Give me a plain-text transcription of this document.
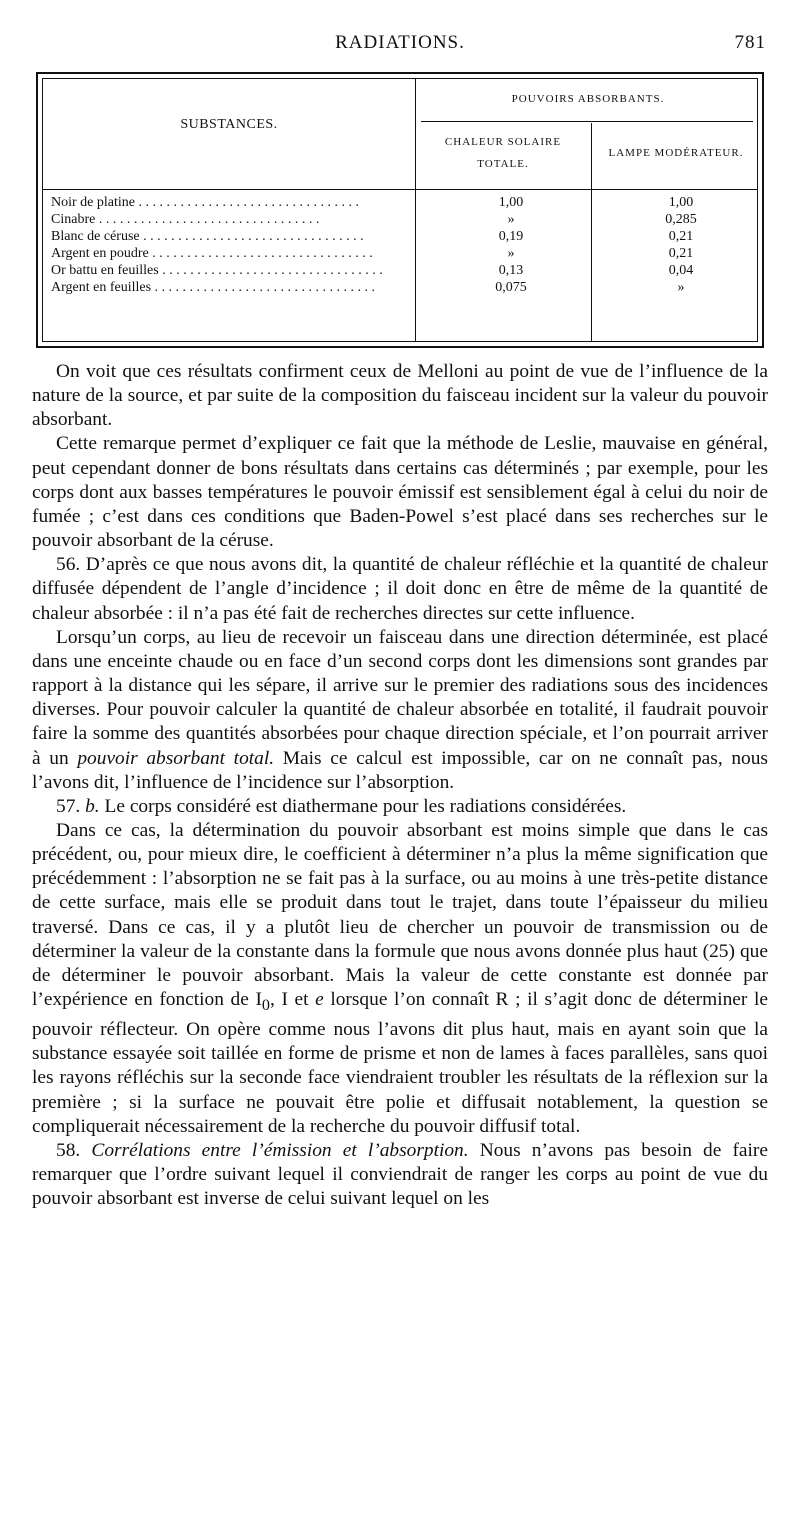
RADIATIONS.	781
SUBSTANCES.
POUVOIRS ABSORBANTS.
CHALEUR SOLAIRE
TOTALE.
LAMPE MODÉRATEUR.
Noir de platine . . .	1,00	1,00
Cinabre . . .	»	0,285
Blanc de céruse . . .	0,19	0,21
Argent en poudre . . .	»	0,21
Or battu en feuilles . . .	0,13	0,04
Argent en feuilles . . .	0,075	»

On voit que ces résultats confirment ceux de Melloni au point de vue de l’influence de la nature de la source, et par suite de la composition du faisceau incident sur la valeur du pouvoir absorbant.

Cette remarque permet d’expliquer ce fait que la méthode de Leslie, mauvaise en général, peut cependant donner de bons résultats dans certains cas déterminés ; par exemple, pour les corps dont aux basses températures le pouvoir émissif est sensiblement égal à celui du noir de fumée ; c’est dans ces conditions que Baden-Powel s’est placé dans ses recherches sur le pouvoir absorbant de la céruse.

56. D’après ce que nous avons dit, la quantité de chaleur réfléchie et la quantité de chaleur diffusée dépendent de l’angle d’incidence ; il doit donc en être de même de la quantité de chaleur absorbée : il n’a pas été fait de recherches directes sur cette influence.

Lorsqu’un corps, au lieu de recevoir un faisceau dans une direction déterminée, est placé dans une enceinte chaude ou en face d’un second corps dont les dimensions sont grandes par rapport à la distance qui les sépare, il arrive sur le premier des radiations sous des incidences diverses. Pour pouvoir calculer la quantité de chaleur absorbée en totalité, il faudrait pouvoir faire la somme des quantités absorbées pour chaque direction spéciale, et l’on pourrait arriver à un pouvoir absorbant total. Mais ce calcul est impossible, car on ne connaît pas, nous l’avons dit, l’influence de l’incidence sur l’absorption.

57. b. Le corps considéré est diathermane pour les radiations considérées.

Dans ce cas, la détermination du pouvoir absorbant est moins simple que dans le cas précédent, ou, pour mieux dire, le coefficient à déterminer n’a plus la même signification que précédemment : l’absorption ne se fait pas à la surface, ou au moins à une très-petite distance de cette surface, mais elle se produit dans tout le trajet, dans toute l’épaisseur du milieu traversé. Dans ce cas, il y a plutôt lieu de chercher un pouvoir de transmission ou de déterminer la valeur de la constante dans la formule que nous avons donnée plus haut (25) que de déterminer le pouvoir absorbant. Mais la valeur de cette constante est donnée par l’expérience en fonction de $I_0$, I et e lorsque l’on connaît R ; il s’agit donc de déterminer le pouvoir réflecteur. On opère comme nous l’avons dit plus haut, mais en ayant soin que la substance essayée soit taillée en forme de prisme et non de lames à faces parallèles, sans quoi les rayons réfléchis sur la seconde face viendraient troubler les résultats de la réflexion sur la première ; si la surface ne pouvait être polie et diffusait notablement, la question se compliquerait nécessairement de la recherche du pouvoir diffusif total.

58. Corrélations entre l’émission et l’absorption. Nous n’avons pas besoin de faire remarquer que l’ordre suivant lequel il conviendrait de ranger les corps au point de vue du pouvoir absorbant est inverse de celui suivant lequel on les
